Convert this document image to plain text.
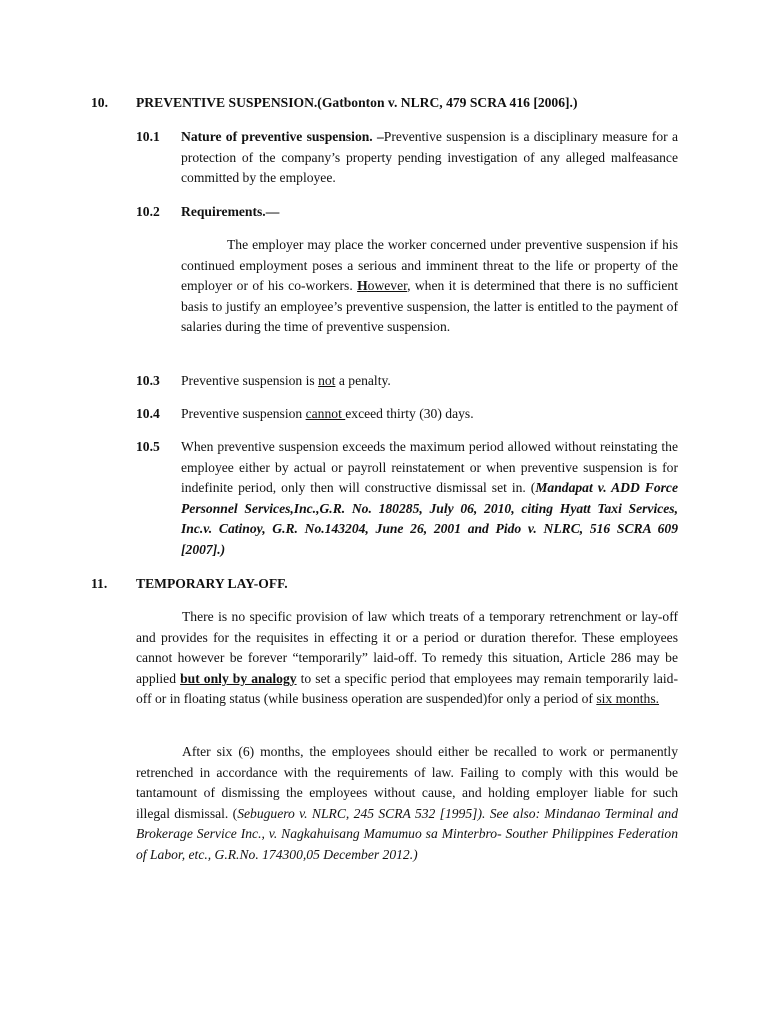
10. PREVENTIVE SUSPENSION.(Gatbonton v. NLRC, 479 SCRA 416 [2006].)
10.1 Nature of preventive suspension. –Preventive suspension is a disciplinary measure for a protection of the company’s property pending investigation of any alleged malfeasance committed by the employee.
10.2 Requirements.—
The employer may place the worker concerned under preventive suspension if his continued employment poses a serious and imminent threat to the life or property of the employer or of his co-workers. However, when it is determined that there is no sufficient basis to justify an employee’s preventive suspension, the latter is entitled to the payment of salaries during the time of preventive suspension.
10.3 Preventive suspension is not a penalty.
10.4 Preventive suspension cannot exceed thirty (30) days.
10.5 When preventive suspension exceeds the maximum period allowed without reinstating the employee either by actual or payroll reinstatement or when preventive suspension is for indefinite period, only then will constructive dismissal set in. (Mandapat v. ADD Force Personnel Services,Inc.,G.R. No. 180285, July 06, 2010, citing Hyatt Taxi Services, Inc.v. Catinoy, G.R. No.143204, June 26, 2001 and Pido v. NLRC, 516 SCRA 609 [2007].)
11. TEMPORARY LAY-OFF.
There is no specific provision of law which treats of a temporary retrenchment or lay-off and provides for the requisites in effecting it or a period or duration therefor. These employees cannot however be forever “temporarily” laid-off. To remedy this situation, Article 286 may be applied but only by analogy to set a specific period that employees may remain temporarily laid-off or in floating status (while business operation are suspended)for only a period of six months.
After six (6) months, the employees should either be recalled to work or permanently retrenched in accordance with the requirements of law. Failing to comply with this would be tantamount of dismissing the employees without cause, and holding employer liable for such illegal dismissal. (Sebuguero v. NLRC, 245 SCRA 532 [1995]). See also: Mindanao Terminal and Brokerage Service Inc., v. Nagkahuisang Mamumuo sa Minterbro- Souther Philippines Federation of Labor, etc., G.R.No. 174300,05 December 2012.)
